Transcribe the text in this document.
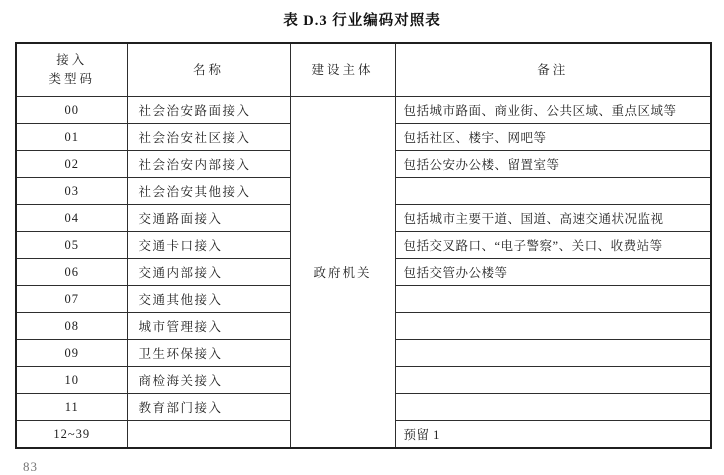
表 D.3 行业编码对照表
接入
类型码	名称	建设主体	备注
00	社会治安路面接入	政府机关	包括城市路面、商业街、公共区域、重点区域等
01	社会治安社区接入		包括社区、楼宇、网吧等
02	社会治安内部接入		包括公安办公楼、留置室等
03	社会治安其他接入		
04	交通路面接入		包括城市主要干道、国道、高速交通状况监视
05	交通卡口接入		包括交叉路口、“电子警察”、关口、收费站等
06	交通内部接入		包括交管办公楼等
07	交通其他接入		
08	城市管理接入		
09	卫生环保接入		
10	商检海关接入		
11	教育部门接入		
12~39			预留 1
83
